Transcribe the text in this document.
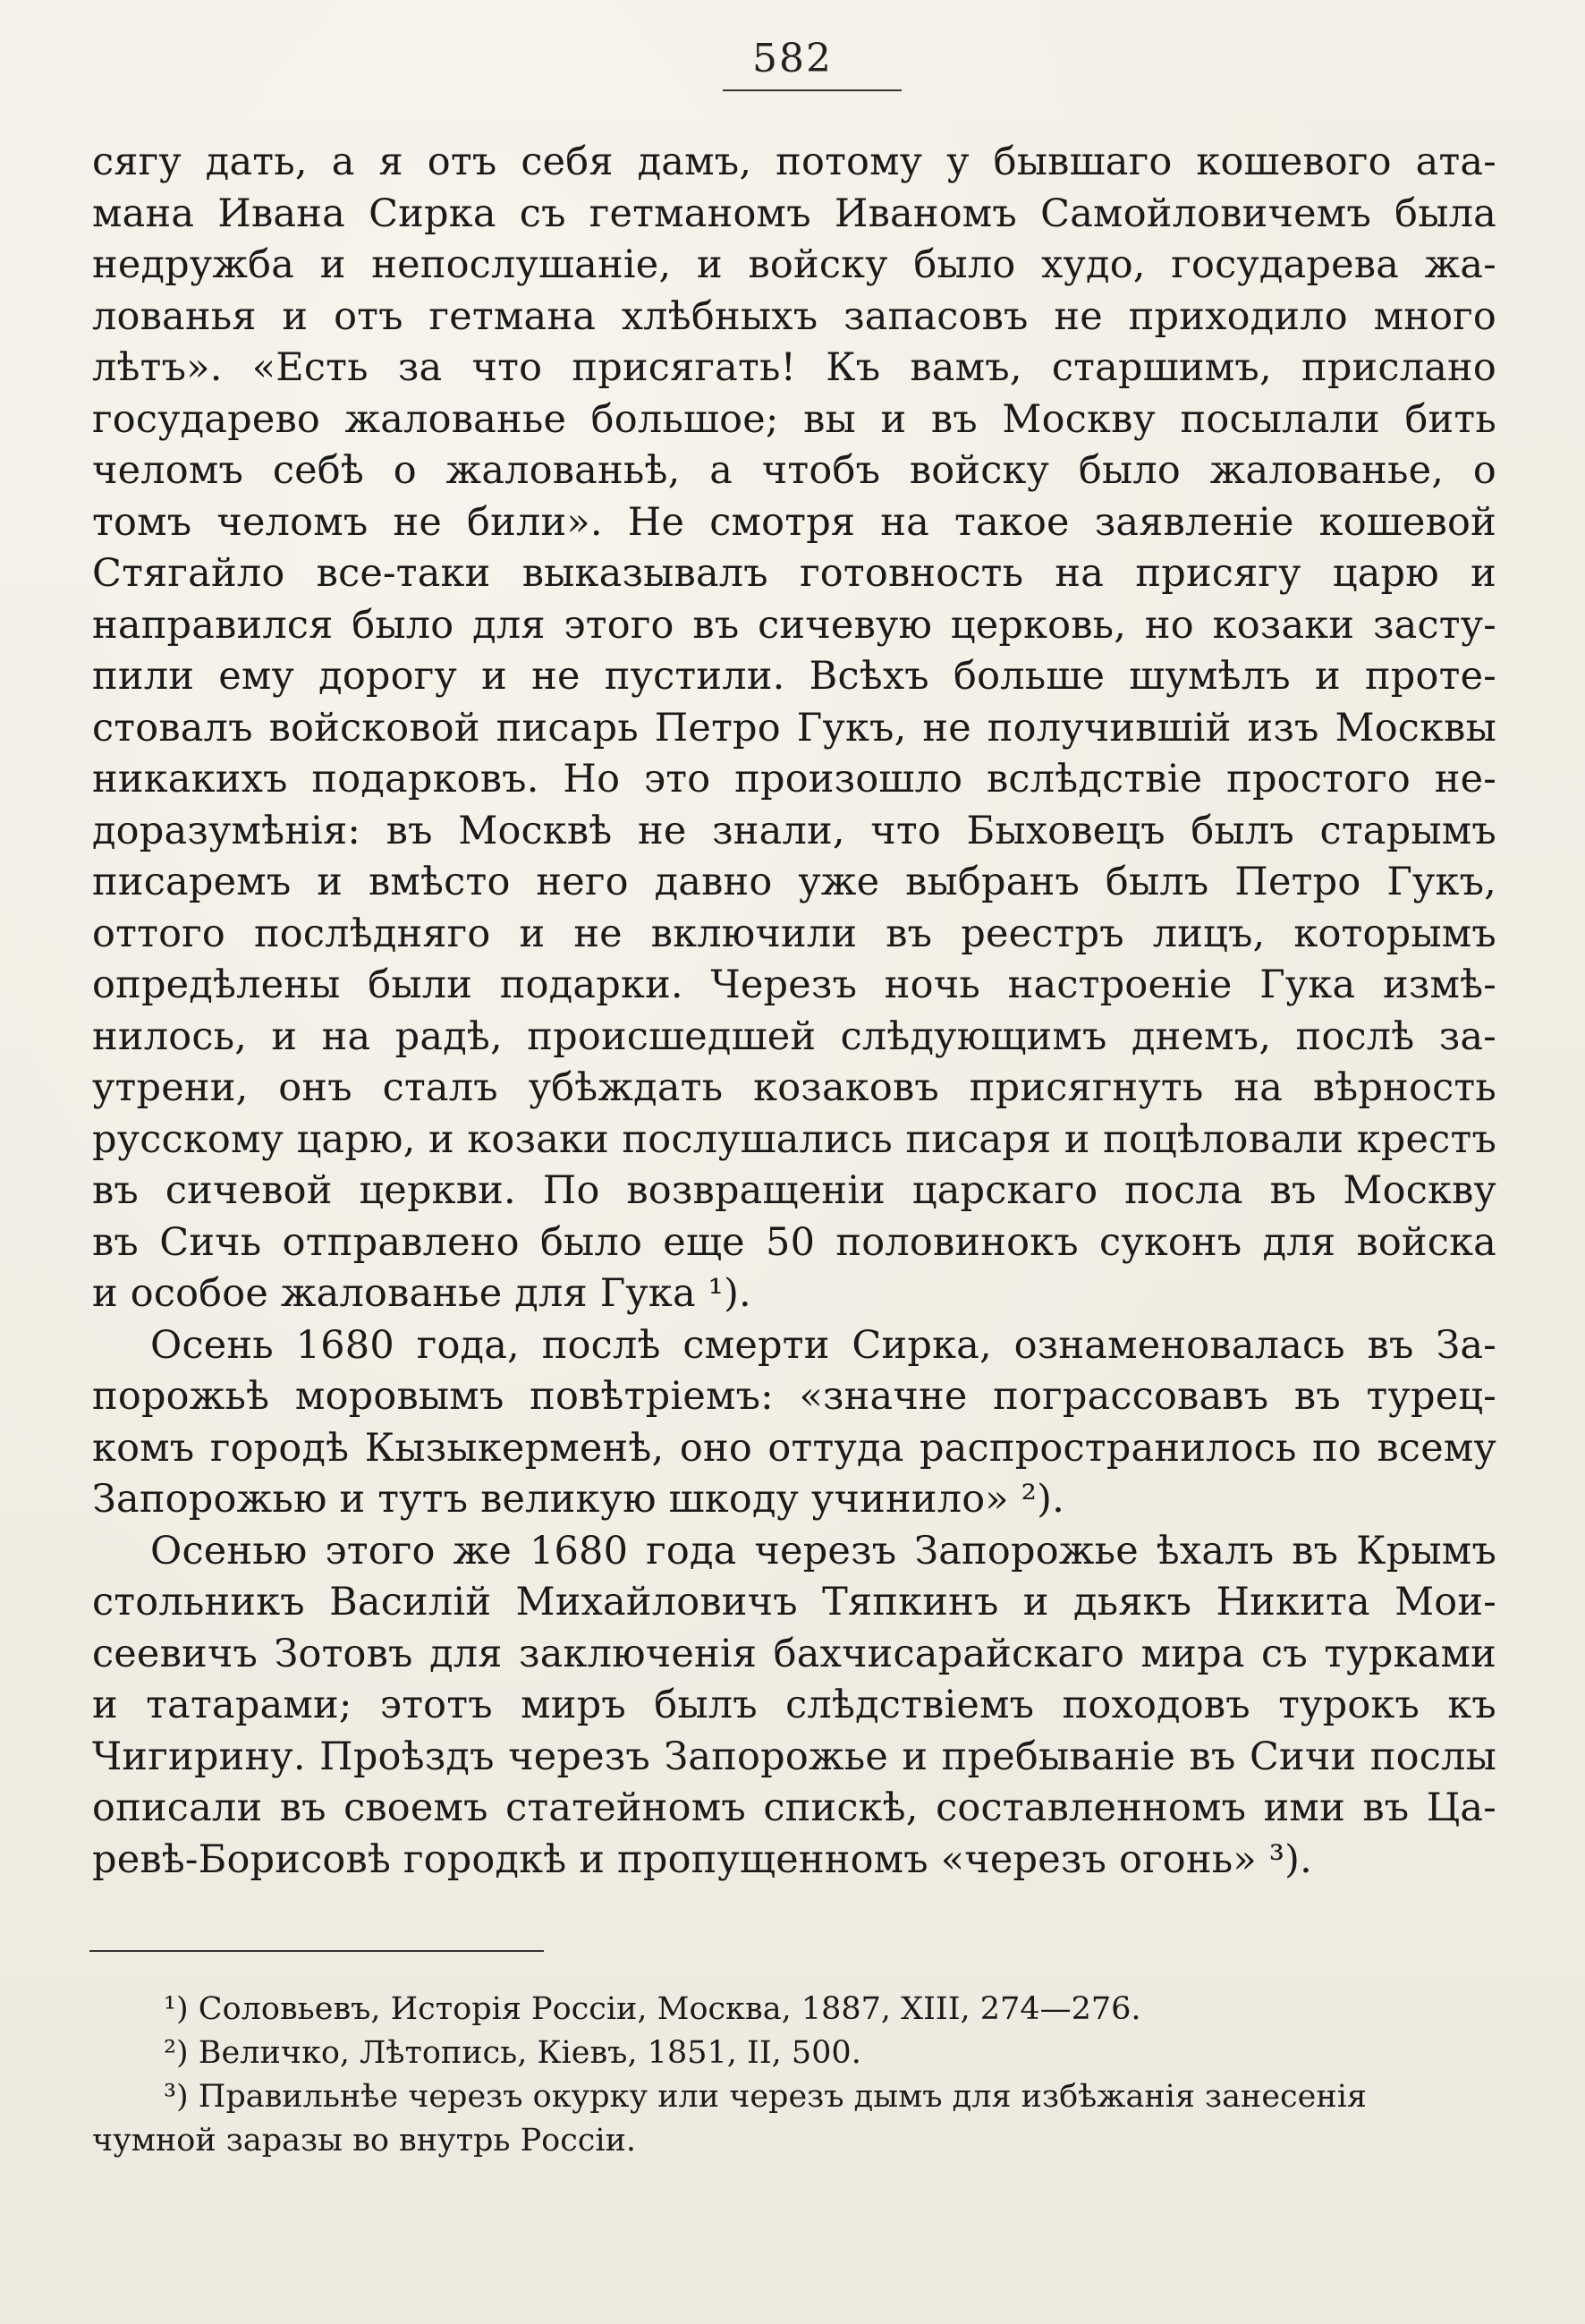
582
сягу дать, а я отъ себя дамъ, потому у бывшаго кошевого ата-
мана Ивана Сирка съ гетманомъ Иваномъ Самойловичемъ была
недружба и непослушаніе, и войску было худо, государева жа-
лованья и отъ гетмана хлѣбныхъ запасовъ не приходило много
лѣтъ». «Есть за что присягать! Къ вамъ, старшимъ, прислано
государево жалованье большое; вы и въ Москву посылали бить
челомъ себѣ о жалованьѣ, а чтобъ войску было жалованье, о
томъ челомъ не били». Не смотря на такое заявленіе кошевой
Стягайло все-таки выказывалъ готовность на присягу царю и
направился было для этого въ сичевую церковь, но козаки засту-
пили ему дорогу и не пустили. Всѣхъ больше шумѣлъ и проте-
стовалъ войсковой писарь Петро Гукъ, не получившій изъ Москвы
никакихъ подарковъ. Но это произошло вслѣдствіе простого не-
доразумѣнія: въ Москвѣ не знали, что Быховецъ былъ старымъ
писаремъ и вмѣсто него давно уже выбранъ былъ Петро Гукъ,
оттого послѣдняго и не включили въ реестръ лицъ, которымъ
опредѣлены были подарки. Черезъ ночь настроеніе Гука измѣ-
нилось, и на радѣ, происшедшей слѣдующимъ днемъ, послѣ за-
утрени, онъ сталъ убѣждать козаковъ присягнуть на вѣрность
русскому царю, и козаки послушались писаря и поцѣловали крестъ
въ сичевой церкви. По возвращеніи царскаго посла въ Москву
въ Сичь отправлено было еще 50 половинокъ суконъ для войска
и особое жалованье для Гука ¹).
Осень 1680 года, послѣ смерти Сирка, ознаменовалась въ За-
порожьѣ моровымъ повѣтріемъ: «значне пограссовавъ въ турец-
комъ городѣ Кызыкерменѣ, оно оттуда распространилось по всему
Запорожью и тутъ великую шкоду учинило» ²).
Осенью этого же 1680 года черезъ Запорожье ѣхалъ въ Крымъ
стольникъ Василій Михайловичъ Тяпкинъ и дьякъ Никита Мои-
сеевичъ Зотовъ для заключенія бахчисарайскаго мира съ турками
и татарами; этотъ миръ былъ слѣдствіемъ походовъ турокъ къ
Чигирину. Проѣздъ черезъ Запорожье и пребываніе въ Сичи послы
описали въ своемъ статейномъ спискѣ, составленномъ ими въ Ца-
ревѣ-Борисовѣ городкѣ и пропущенномъ «черезъ огонь» ³).
¹) Соловьевъ, Исторія Россіи, Москва, 1887, XIII, 274—276.
²) Величко, Лѣтопись, Кіевъ, 1851, II, 500.
³) Правильнѣе черезъ окурку или черезъ дымъ для избѣжанія занесенія
чумной заразы во внутрь Россіи.
